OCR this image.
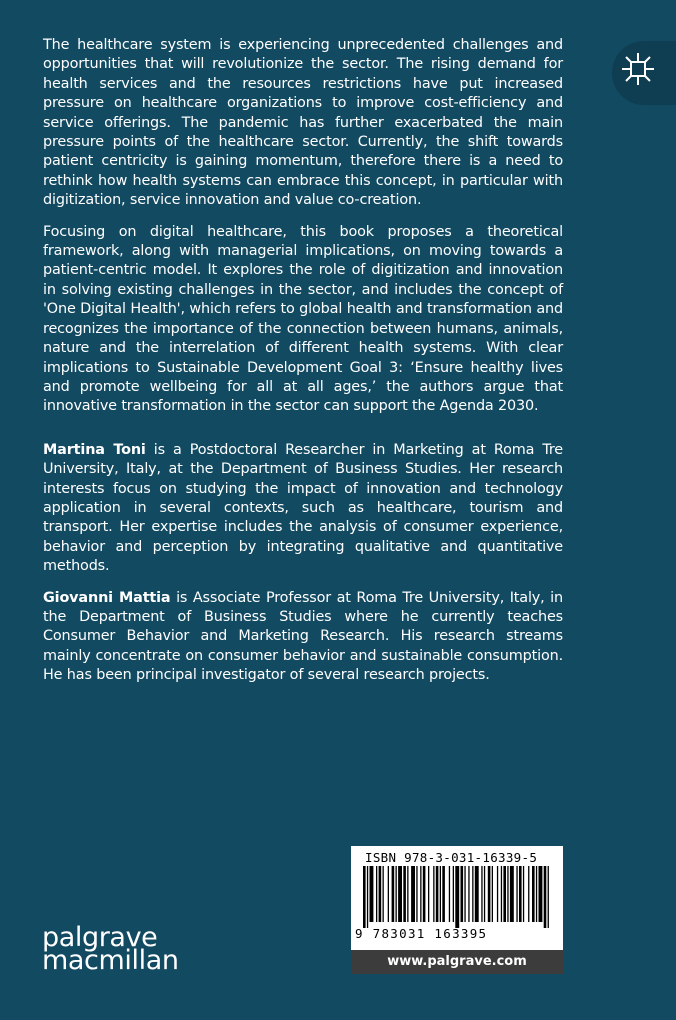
The healthcare system is experiencing unprecedented challenges and opportunities that will revolutionize the sector. The rising demand for health services and the resources restrictions have put increased pressure on healthcare organizations to improve cost-efficiency and service offerings. The pandemic has further exacerbated the main pressure points of the healthcare sector. Currently, the shift towards patient centricity is gaining momentum, therefore there is a need to rethink how health systems can embrace this concept, in particular with digitization, service innovation and value co-creation.

Focusing on digital healthcare, this book proposes a theoretical framework, along with managerial implications, on moving towards a patient-centric model. It explores the role of digitization and innovation in solving existing challenges in the sector, and includes the concept of 'One Digital Health', which refers to global health and transformation and recognizes the importance of the connection between humans, animals, nature and the interrelation of different health systems. With clear implications to Sustainable Development Goal 3: ‘Ensure healthy lives and promote wellbeing for all at all ages,’ the authors argue that innovative transformation in the sector can support the Agenda 2030.

Martina Toni is a Postdoctoral Researcher in Marketing at Roma Tre University, Italy, at the Department of Business Studies. Her research interests focus on studying the impact of innovation and technology application in several contexts, such as healthcare, tourism and transport. Her expertise includes the analysis of consumer experience, behavior and perception by integrating qualitative and quantitative methods.

Giovanni Mattia is Associate Professor at Roma Tre University, Italy, in the Department of Business Studies where he currently teaches Consumer Behavior and Marketing Research. His research streams mainly concentrate on consumer behavior and sustainable consumption. He has been principal investigator of several research projects.

palgrave
macmillan
ISBN 978-3-031-16339-5
9 783031 163395
www.palgrave.com
